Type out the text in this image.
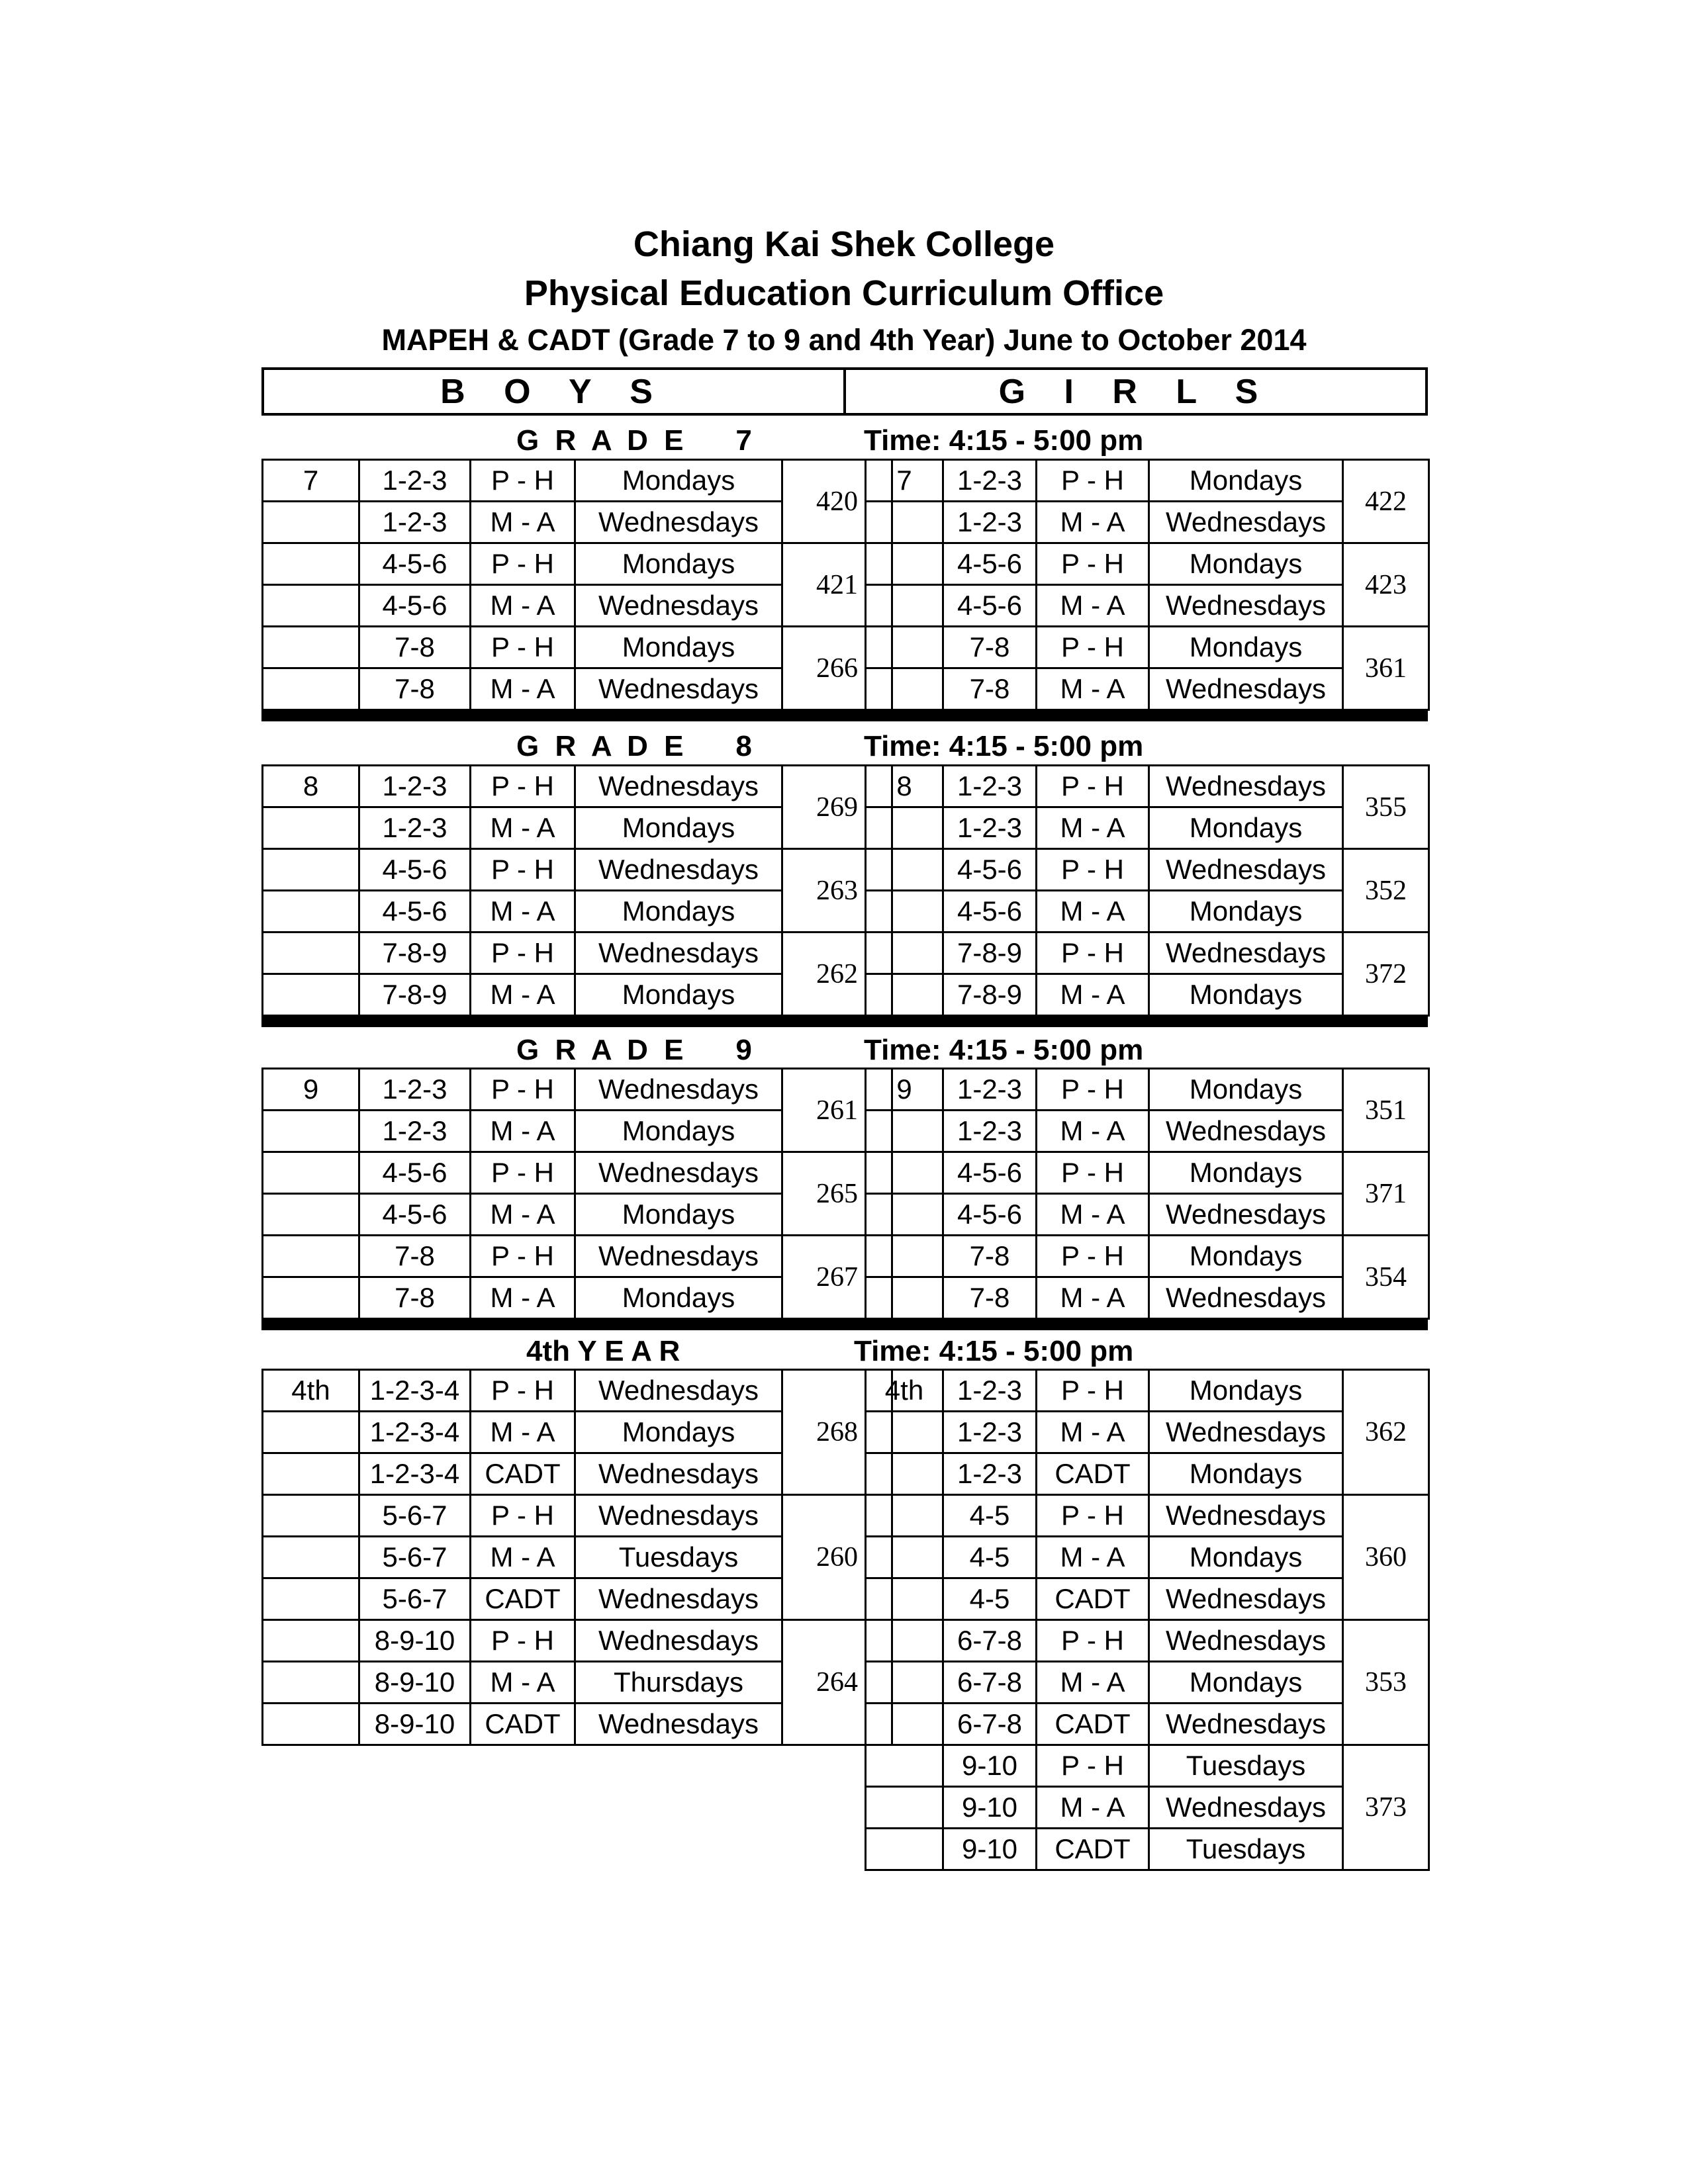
Chiang Kai Shek College
Physical Education Curriculum Office
MAPEH & CADT (Grade 7 to 9 and 4th Year) June to October 2014
B O Y S	G I R L S
G R A D E    7	Time: 4:15 - 5:00 pm
7	1-2-3	P - H	Mondays	420
	1-2-3	M - A	Wednesdays	
	4-5-6	P - H	Mondays	421
	4-5-6	M - A	Wednesdays	
	7-8	P - H	Mondays	266
	7-8	M - A	Wednesdays	
7	1-2-3	P - H	Mondays	422
	1-2-3	M - A	Wednesdays	
	4-5-6	P - H	Mondays	423
	4-5-6	M - A	Wednesdays	
	7-8	P - H	Mondays	361
	7-8	M - A	Wednesdays	
G R A D E    8	Time: 4:15 - 5:00 pm
8	1-2-3	P - H	Wednesdays	269
	1-2-3	M - A	Mondays	
	4-5-6	P - H	Wednesdays	263
	4-5-6	M - A	Mondays	
	7-8-9	P - H	Wednesdays	262
	7-8-9	M - A	Mondays	
8	1-2-3	P - H	Wednesdays	355
	1-2-3	M - A	Mondays	
	4-5-6	P - H	Wednesdays	352
	4-5-6	M - A	Mondays	
	7-8-9	P - H	Wednesdays	372
	7-8-9	M - A	Mondays	
G R A D E    9	Time: 4:15 - 5:00 pm
9	1-2-3	P - H	Wednesdays	261
	1-2-3	M - A	Mondays	
	4-5-6	P - H	Wednesdays	265
	4-5-6	M - A	Mondays	
	7-8	P - H	Wednesdays	267
	7-8	M - A	Mondays	
9	1-2-3	P - H	Mondays	351
	1-2-3	M - A	Wednesdays	
	4-5-6	P - H	Mondays	371
	4-5-6	M - A	Wednesdays	
	7-8	P - H	Mondays	354
	7-8	M - A	Wednesdays	
4th Y E A R	Time: 4:15 - 5:00 pm
4th	1-2-3-4	P - H	Wednesdays	268
	1-2-3-4	M - A	Mondays	
	1-2-3-4	CADT	Wednesdays	
	5-6-7	P - H	Wednesdays	260
	5-6-7	M - A	Tuesdays	
	5-6-7	CADT	Wednesdays	
	8-9-10	P - H	Wednesdays	264
	8-9-10	M - A	Thursdays	
	8-9-10	CADT	Wednesdays	
4th	1-2-3	P - H	Mondays	362
	1-2-3	M - A	Wednesdays	
	1-2-3	CADT	Mondays	
	4-5	P - H	Wednesdays	360
	4-5	M - A	Mondays	
	4-5	CADT	Wednesdays	
	6-7-8	P - H	Wednesdays	353
	6-7-8	M - A	Mondays	
	6-7-8	CADT	Wednesdays	
	9-10	P - H	Tuesdays	373
	9-10	M - A	Wednesdays	
	9-10	CADT	Tuesdays	
